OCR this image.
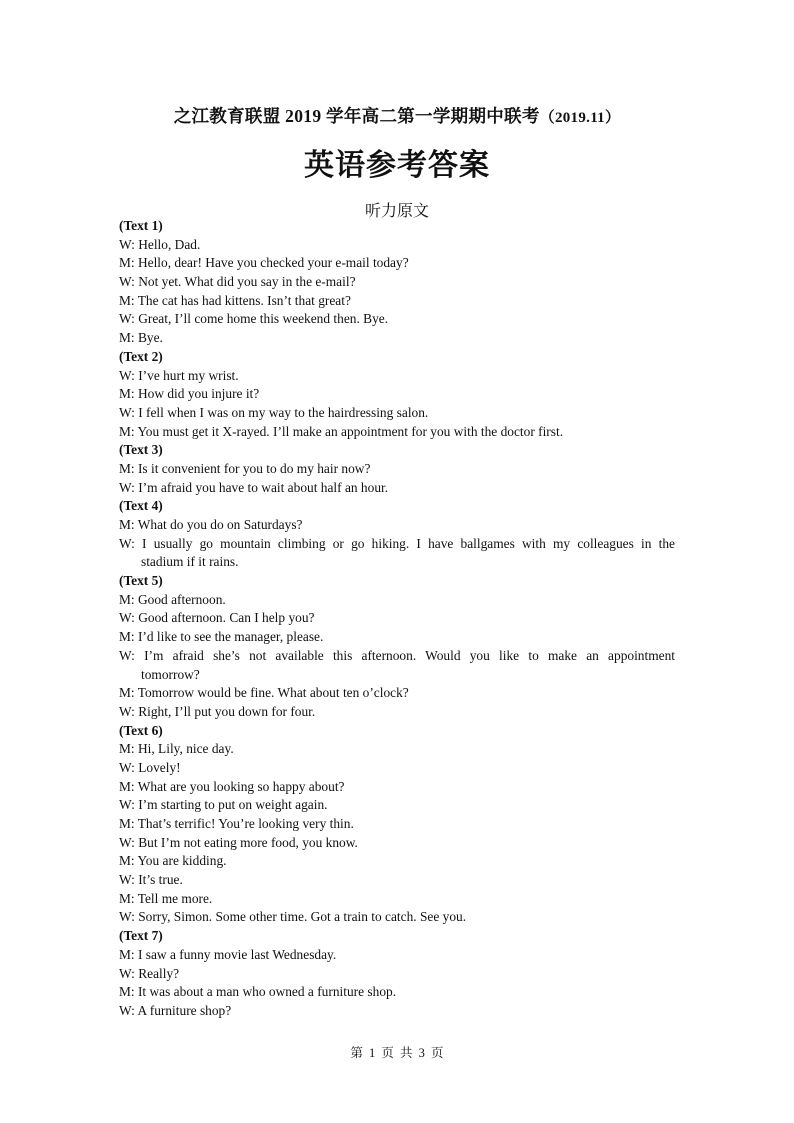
之江教育联盟 2019 学年高二第一学期期中联考（2019.11）
英语参考答案
听力原文
(Text 1)
W: Hello, Dad.
M: Hello, dear! Have you checked your e-mail today?
W: Not yet. What did you say in the e-mail?
M: The cat has had kittens. Isn’t that great?
W: Great, I’ll come home this weekend then. Bye.
M: Bye.
(Text 2)
W: I’ve hurt my wrist.
M: How did you injure it?
W: I fell when I was on my way to the hairdressing salon.
M: You must get it X-rayed. I’ll make an appointment for you with the doctor first.
(Text 3)
M: Is it convenient for you to do my hair now?
W: I’m afraid you have to wait about half an hour.
(Text 4)
M: What do you do on Saturdays?
W: I usually go mountain climbing or go hiking. I have ballgames with my colleagues in the
stadium if it rains.
(Text 5)
M: Good afternoon.
W: Good afternoon. Can I help you?
M: I’d like to see the manager, please.
W: I’m afraid she’s not available this afternoon. Would you like to make an appointment
tomorrow?
M: Tomorrow would be fine. What about ten o’clock?
W: Right, I’ll put you down for four.
(Text 6)
M: Hi, Lily, nice day.
W: Lovely!
M: What are you looking so happy about?
W: I’m starting to put on weight again.
M: That’s terrific! You’re looking very thin.
W: But I’m not eating more food, you know.
M: You are kidding.
W: It’s true.
M: Tell me more.
W: Sorry, Simon. Some other time. Got a train to catch. See you.
(Text 7)
M: I saw a funny movie last Wednesday.
W: Really?
M: It was about a man who owned a furniture shop.
W: A furniture shop?
第 1 页 共 3 页
